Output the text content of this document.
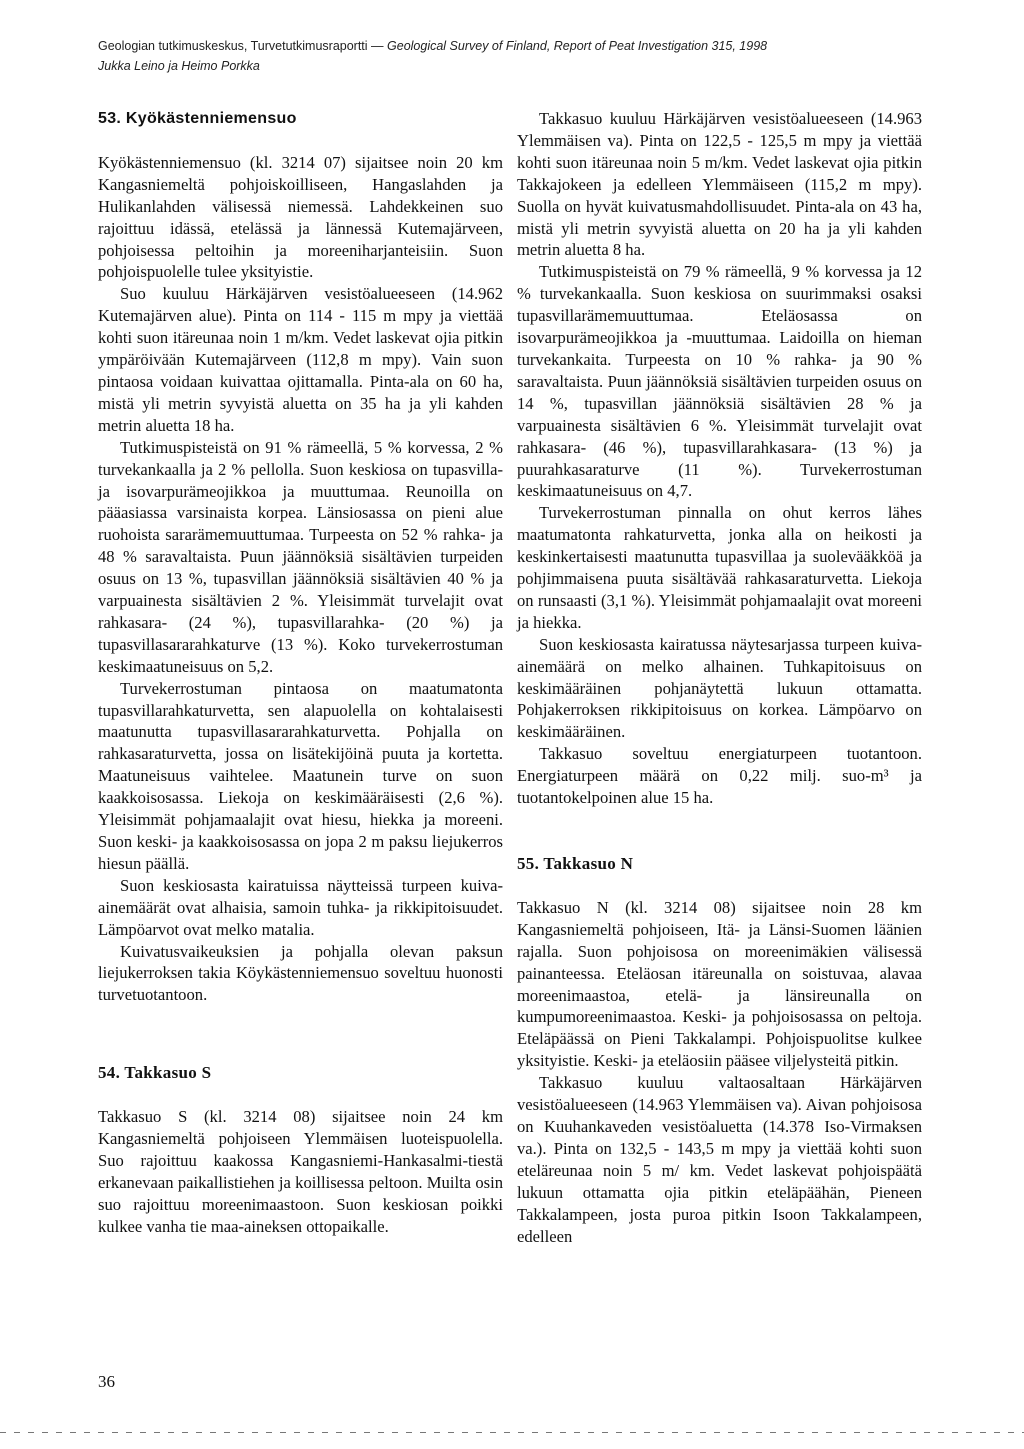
Geologian tutkimuskeskus, Turvetutkimusraportti — Geological Survey of Finland, Report of Peat Investigation 315, 1998
Jukka Leino ja Heimo Porkka
53. Kyökästenniemensuo

Kyökästenniemensuo (kl. 3214 07) sijaitsee noin 20 km Kangasniemeltä pohjoiskoilliseen, Hangaslahden ja Hulikanlahden välisessä niemessä. Lahdekkeinen suo rajoittuu idässä, etelässä ja lännessä Kutemajärveen, pohjoisessa peltoihin ja moreeniharjanteisiin. Suon pohjoispuolelle tulee yksityistie.

Suo kuuluu Härkäjärven vesistöalueeseen (14.962 Kutemajärven alue). Pinta on 114 - 115 m mpy ja viettää kohti suon itäreunaa noin 1 m/km. Vedet laskevat ojia pitkin ympäröivään Kutemajärveen (112,8 m mpy). Vain suon pintaosa voidaan kuivattaa ojittamalla. Pinta-ala on 60 ha, mistä yli metrin syvyistä aluetta on 35 ha ja yli kahden metrin aluetta 18 ha.

Tutkimuspisteistä on 91 % rämeellä, 5 % korvessa, 2 % turvekankaalla ja 2 % pellolla. Suon keskiosa on tupasvilla- ja isovarpurämeojikkoa ja muuttumaa. Reunoilla on pääasiassa varsinaista korpea. Länsiosassa on pieni alue ruohoista sararämemuuttumaa. Turpeesta on 52 % rahka- ja 48 % saravaltaista. Puun jäännöksiä sisältävien turpeiden osuus on 13 %, tupasvillan jäännöksiä sisältävien 40 % ja varpuainesta sisältävien 2 %. Yleisimmät turvelajit ovat rahkasara- (24 %), tupasvillarahka- (20 %) ja tupasvillasararahkaturve (13 %). Koko turvekerrostuman keskimaatuneisuus on 5,2.

Turvekerrostuman pintaosa on maatumatonta tupasvillarahkaturvetta, sen alapuolella on kohtalaisesti maatunutta tupasvillasararahkaturvetta. Pohjalla on rahkasaraturvetta, jossa on lisätekijöinä puuta ja kortetta. Maatuneisuus vaihtelee. Maatunein turve on suon kaakkoisosassa. Liekoja on keskimääräisesti (2,6 %). Yleisimmät pohjamaalajit ovat hiesu, hiekka ja moreeni. Suon keski- ja kaakkoisosassa on jopa 2 m paksu liejukerros hiesun päällä.

Suon keskiosasta kairatuissa näytteissä turpeen kuiva-ainemäärät ovat alhaisia, samoin tuhka- ja rikkipitoisuudet. Lämpöarvot ovat melko matalia.

Kuivatusvaikeuksien ja pohjalla olevan paksun liejukerroksen takia Köykästenniemensuo soveltuu huonosti turvetuotantoon.

54. Takkasuo S

Takkasuo S (kl. 3214 08) sijaitsee noin 24 km Kangasniemeltä pohjoiseen Ylemmäisen luoteispuolella. Suo rajoittuu kaakossa Kangasniemi-Hankasalmi-tiestä erkanevaan paikallistiehen ja koillisessa peltoon. Muilta osin suo rajoittuu moreenimaastoon. Suon keskiosan poikki kulkee vanha tie maa-aineksen ottopaikalle.

Takkasuo kuuluu Härkäjärven vesistöalueeseen (14.963 Ylemmäisen va). Pinta on 122,5 - 125,5 m mpy ja viettää kohti suon itäreunaa noin 5 m/km. Vedet laskevat ojia pitkin Takkajokeen ja edelleen Ylemmäiseen (115,2 m mpy). Suolla on hyvät kuivatusmahdollisuudet. Pinta-ala on 43 ha, mistä yli metrin syvyistä aluetta on 20 ha ja yli kahden metrin aluetta 8 ha.

Tutkimuspisteistä on 79 % rämeellä, 9 % korvessa ja 12 % turvekankaalla. Suon keskiosa on suurimmaksi osaksi tupasvillarämemuuttumaa. Eteläosassa on isovarpurämeojikkoa ja -muuttumaa. Laidoilla on hieman turvekankaita. Turpeesta on 10 % rahka- ja 90 % saravaltaista. Puun jäännöksiä sisältävien turpeiden osuus on 14 %, tupasvillan jäännöksiä sisältävien 28 % ja varpuainesta sisältävien 6 %. Yleisimmät turvelajit ovat rahkasara- (46 %), tupasvillarahkasara- (13 %) ja puurahkasaraturve (11 %). Turvekerrostuman keskimaatuneisuus on 4,7.

Turvekerrostuman pinnalla on ohut kerros lähes maatumatonta rahkaturvetta, jonka alla on heikosti ja keskinkertaisesti maatunutta tupasvillaa ja suolevääkköä ja pohjimmaisena puuta sisältävää rahkasaraturvetta. Liekoja on runsaasti (3,1 %). Yleisimmät pohjamaalajit ovat moreeni ja hiekka.

Suon keskiosasta kairatussa näytesarjassa turpeen kuiva-ainemäärä on melko alhainen. Tuhkapitoisuus on keskimääräinen pohjanäytettä lukuun ottamatta. Pohjakerroksen rikkipitoisuus on korkea. Lämpöarvo on keskimääräinen.

Takkasuo soveltuu energiaturpeen tuotantoon. Energiaturpeen määrä on 0,22 milj. suo-m³ ja tuotantokelpoinen alue 15 ha.

55. Takkasuo N

Takkasuo N (kl. 3214 08) sijaitsee noin 28 km Kangasniemeltä pohjoiseen, Itä- ja Länsi-Suomen läänien rajalla. Suon pohjoisosa on moreenimäkien välisessä painanteessa. Eteläosan itäreunalla on soistuvaa, alavaa moreenimaastoa, etelä- ja länsireunalla on kumpumoreenimaastoa. Keski- ja pohjoisosassa on peltoja. Eteläpäässä on Pieni Takkalampi. Pohjoispuolitse kulkee yksityistie. Keski- ja eteläosiin pääsee viljelysteitä pitkin.

Takkasuo kuuluu valtaosaltaan Härkäjärven vesistöalueeseen (14.963 Ylemmäisen va). Aivan pohjoisosa on Kuuhankaveden vesistöaluetta (14.378 Iso-Virmaksen va.). Pinta on 132,5 - 143,5 m mpy ja viettää kohti suon eteläreunaa noin 5 m/ km. Vedet laskevat pohjoispäätä lukuun ottamatta ojia pitkin eteläpäähän, Pieneen Takkalampeen, josta puroa pitkin Isoon Takkalampeen, edelleen

36
